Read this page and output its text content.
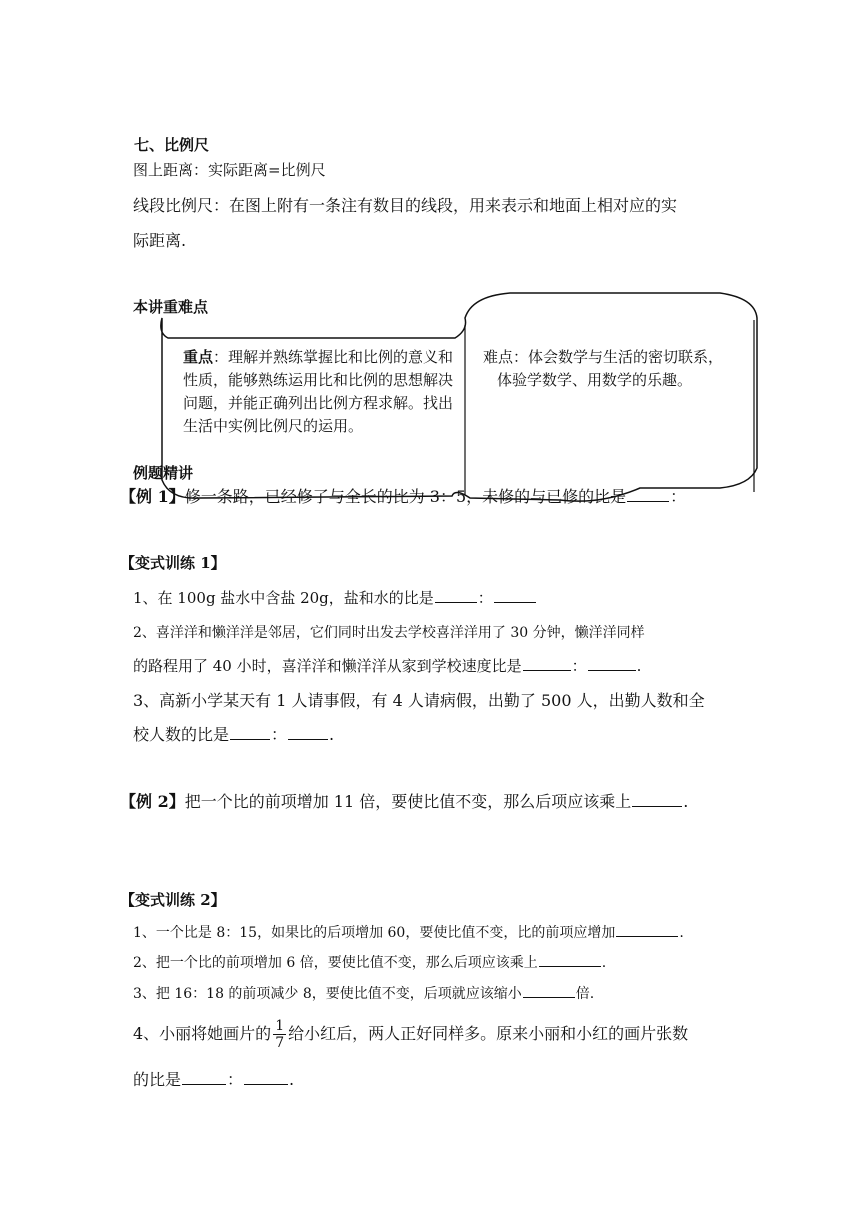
七、比例尺
图上距离：实际距离=比例尺
线段比例尺：在图上附有一条注有数目的线段，用来表示和地面上相对应的实
际距离.
本讲重难点
重点：理解并熟练掌握比和比例的意义和性质，能够熟练运用比和比例的思想解决问题，并能正确列出比例方程求解。找出生活中实例比例尺的运用。
难点：体会数学与生活的密切联系，
体验学数学、用数学的乐趣。
例题精讲
【例 1】修一条路，已经修了与全长的比为 3：5，未修的与已修的比是	：
【变式训练 1】
1、在 100g 盐水中含盐 20g，盐和水的比是	：
2、喜洋洋和懒洋洋是邻居，它们同时出发去学校喜洋洋用了 30 分钟，懒洋洋同样
的路程用了 40 小时，喜洋洋和懒洋洋从家到学校速度比是	：	.
3、高新小学某天有 1 人请事假，有 4 人请病假，出勤了 500 人，出勤人数和全
校人数的比是	：	.
【例 2】把一个比的前项增加 11 倍，要使比值不变，那么后项应该乘上	.
【变式训练 2】
1、一个比是 8：15，如果比的后项增加 60，要使比值不变，比的前项应增加	.
2、把一个比的前项增加 6 倍，要使比值不变，那么后项应该乘上	.
3、把 16：18 的前项减少 8，要使比值不变，后项就应该缩小	倍.
4、小丽将她画片的 $\frac{1}{7}$ 给小红后，两人正好同样多。原来小丽和小红的画片张数
的比是	：	.
